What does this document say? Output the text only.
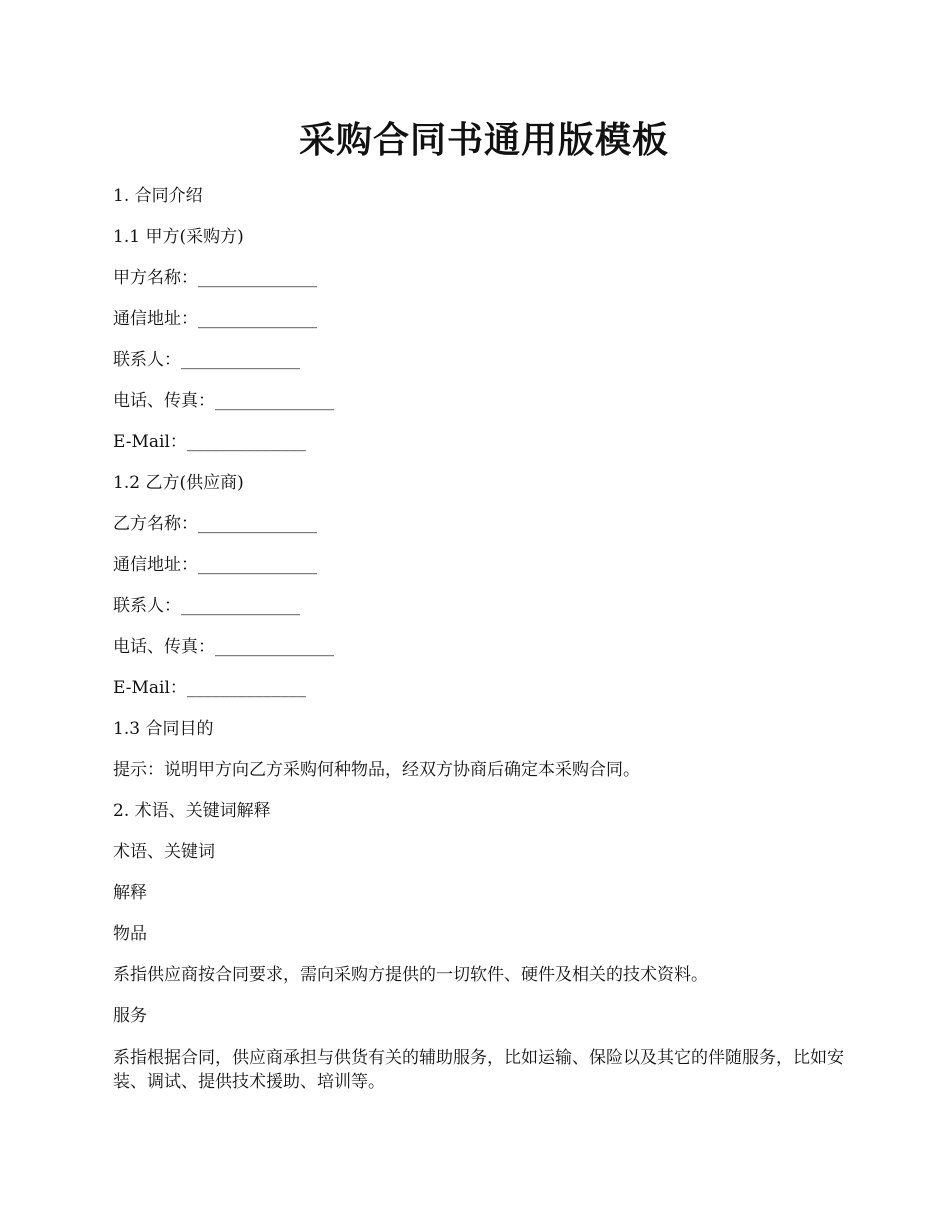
采购合同书通用版模板

1. 合同介绍

1.1 甲方(采购方)

甲方名称：______________

通信地址：______________

联系人：______________

电话、传真：______________

E-Mail：______________

1.2 乙方(供应商)

乙方名称：______________

通信地址：______________

联系人：______________

电话、传真：______________

E-Mail：______________

1.3 合同目的

提示：说明甲方向乙方采购何种物品，经双方协商后确定本采购合同。

2. 术语、关键词解释

术语、关键词

解释

物品

系指供应商按合同要求，需向采购方提供的一切软件、硬件及相关的技术资料。

服务

系指根据合同，供应商承担与供货有关的辅助服务，比如运输、保险以及其它的伴随服务，比如安装、调试、提供技术援助、培训等。
